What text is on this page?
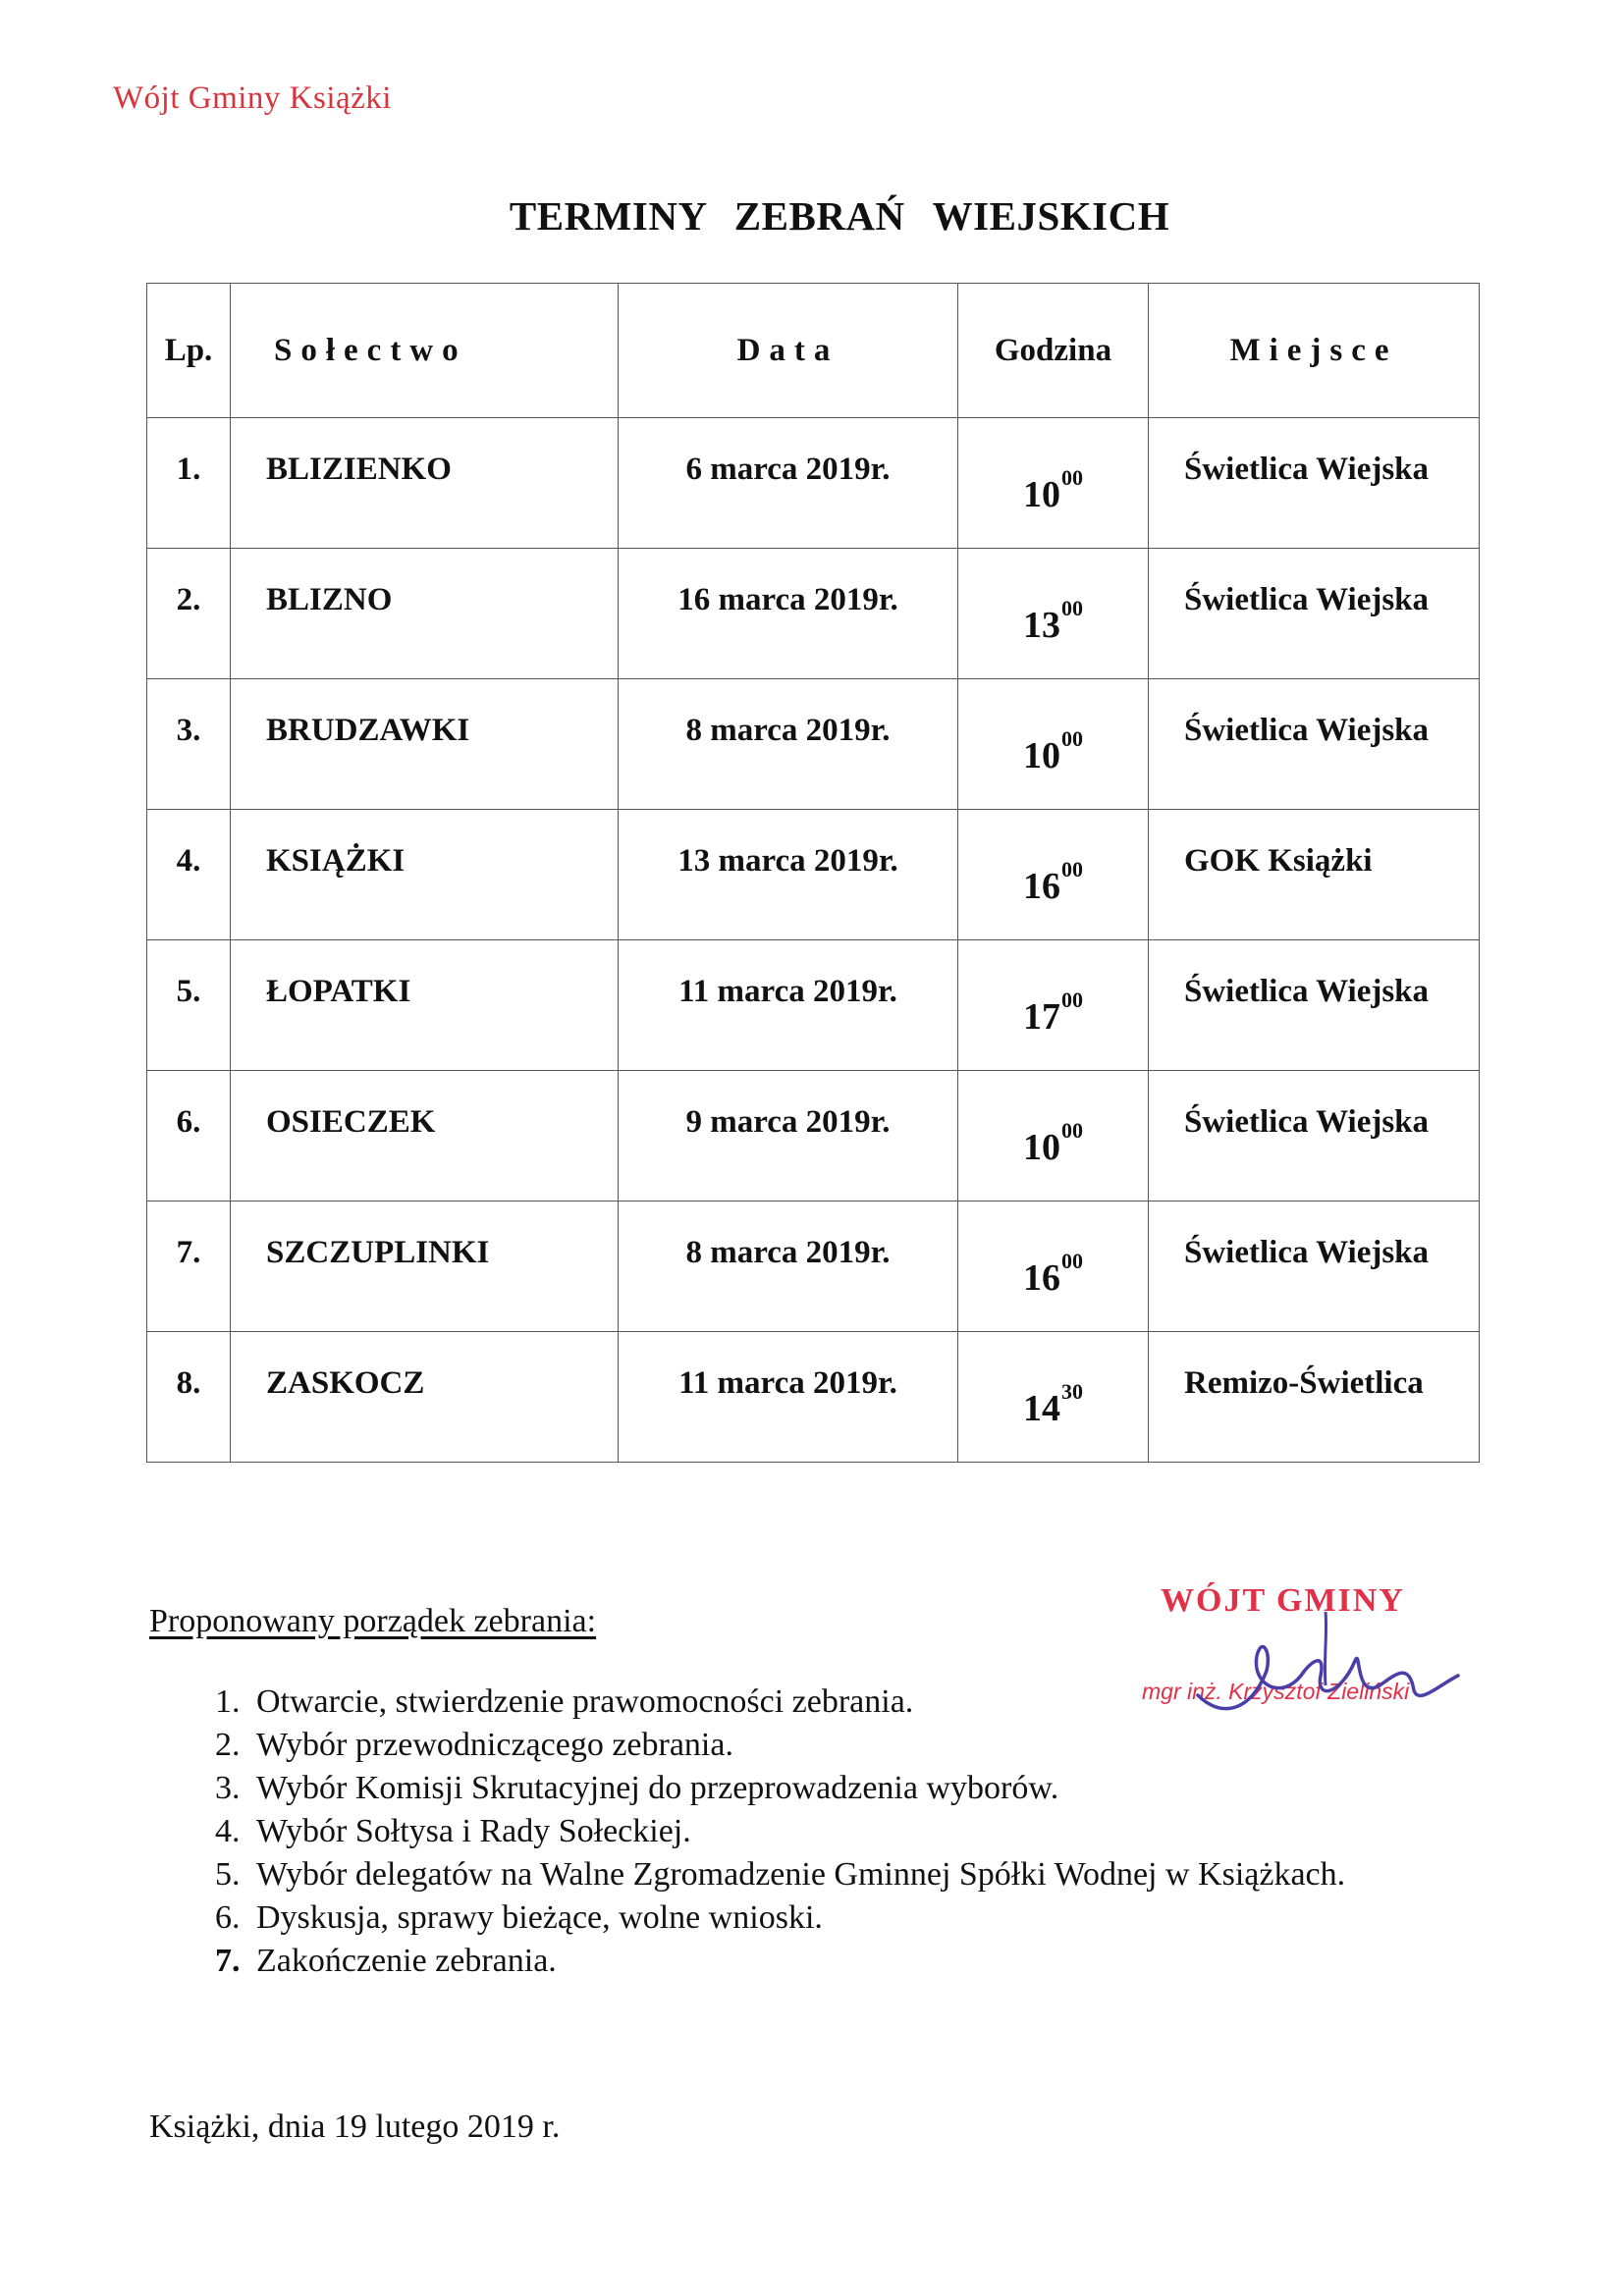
Wójt Gminy Książki
TERMINY ZEBRAŃ WIEJSKICH
Lp.	Sołectwo	Data	Godzina	Miejsce
1.	BLIZIENKO	6 marca 2019r.	$10^{00}$	Świetlica Wiejska
2.	BLIZNO	16 marca 2019r.	$13^{00}$	Świetlica Wiejska
3.	BRUDZAWKI	8 marca 2019r.	$10^{00}$	Świetlica Wiejska
4.	KSIĄŻKI	13 marca 2019r.	$16^{00}$	GOK Książki
5.	ŁOPATKI	11 marca 2019r.	$17^{00}$	Świetlica Wiejska
6.	OSIECZEK	9 marca 2019r.	$10^{00}$	Świetlica Wiejska
7.	SZCZUPLINKI	8 marca 2019r.	$16^{00}$	Świetlica Wiejska
8.	ZASKOCZ	11 marca 2019r.	$14^{30}$	Remizo-Świetlica
Proponowany porządek zebrania:
1. Otwarcie, stwierdzenie prawomocności zebrania.
2. Wybór przewodniczącego zebrania.
3. Wybór Komisji Skrutacyjnej do przeprowadzenia wyborów.
4. Wybór Sołtysa i Rady Sołeckiej.
5. Wybór delegatów na Walne Zgromadzenie Gminnej Spółki Wodnej w Książkach.
6. Dyskusja, sprawy bieżące, wolne wnioski.
7. Zakończenie zebrania.
Książki, dnia 19 lutego 2019 r.
WÓJT GMINY
mgr inż. Krzysztof Zieliński
